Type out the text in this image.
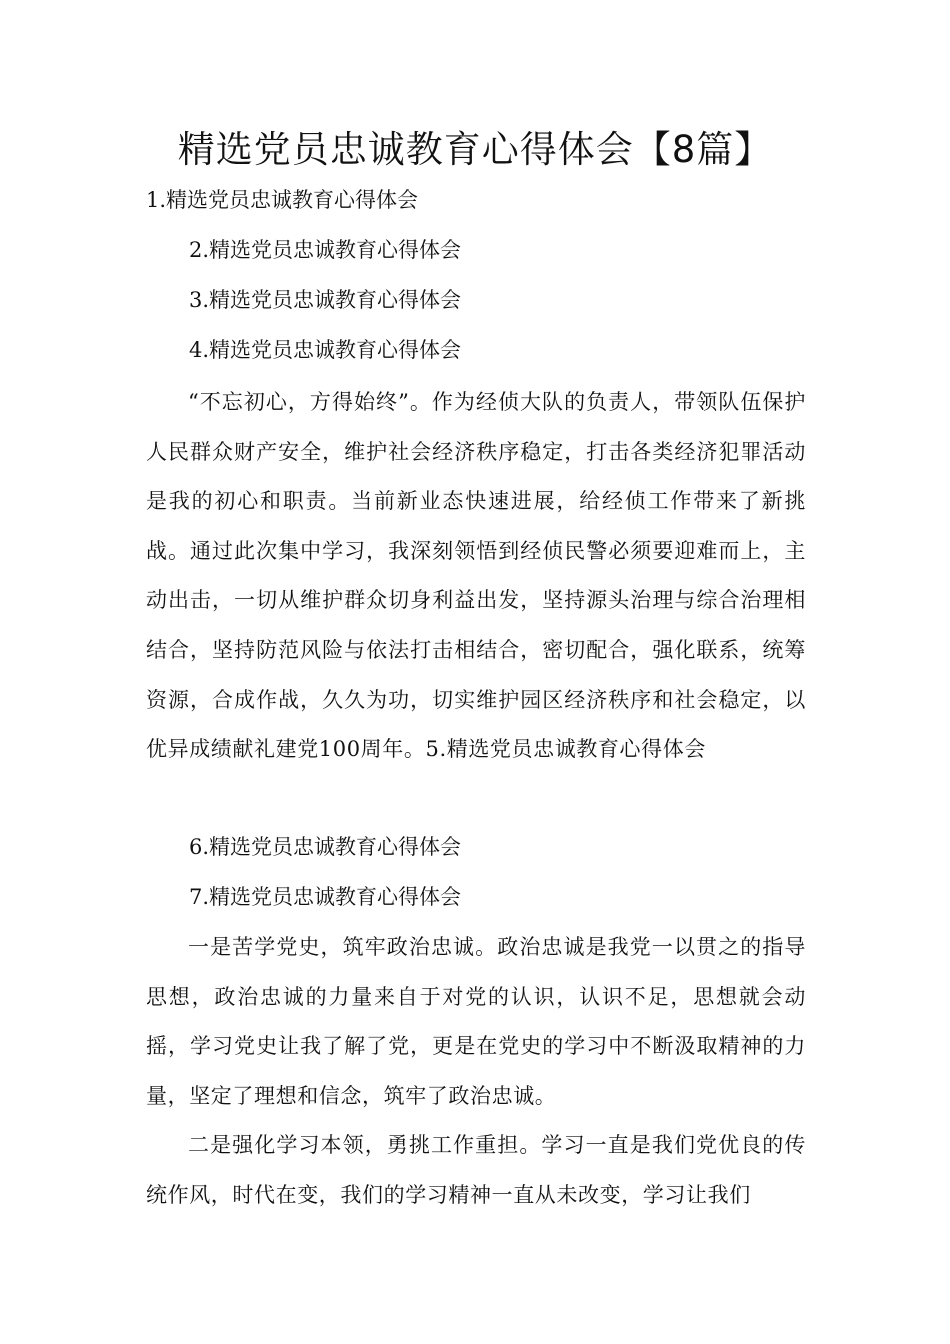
精选党员忠诚教育心得体会【8篇】

1.精选党员忠诚教育心得体会

2.精选党员忠诚教育心得体会

3.精选党员忠诚教育心得体会

4.精选党员忠诚教育心得体会

“不忘初心，方得始终”。作为经侦大队的负责人，带领队伍保护人民群众财产安全，维护社会经济秩序稳定，打击各类经济犯罪活动是我的初心和职责。当前新业态快速进展，给经侦工作带来了新挑战。通过此次集中学习，我深刻领悟到经侦民警必须要迎难而上，主动出击，一切从维护群众切身利益出发，坚持源头治理与综合治理相结合，坚持防范风险与依法打击相结合，密切配合，强化联系，统筹资源，合成作战，久久为功，切实维护园区经济秩序和社会稳定，以优异成绩献礼建党100周年。5.精选党员忠诚教育心得体会

6.精选党员忠诚教育心得体会

7.精选党员忠诚教育心得体会

一是苦学党史，筑牢政治忠诚。政治忠诚是我党一以贯之的指导思想，政治忠诚的力量来自于对党的认识，认识不足，思想就会动摇，学习党史让我了解了党，更是在党史的学习中不断汲取精神的力量，坚定了理想和信念，筑牢了政治忠诚。

二是强化学习本领，勇挑工作重担。学习一直是我们党优良的传统作风，时代在变，我们的学习精神一直从未改变，学习让我们
